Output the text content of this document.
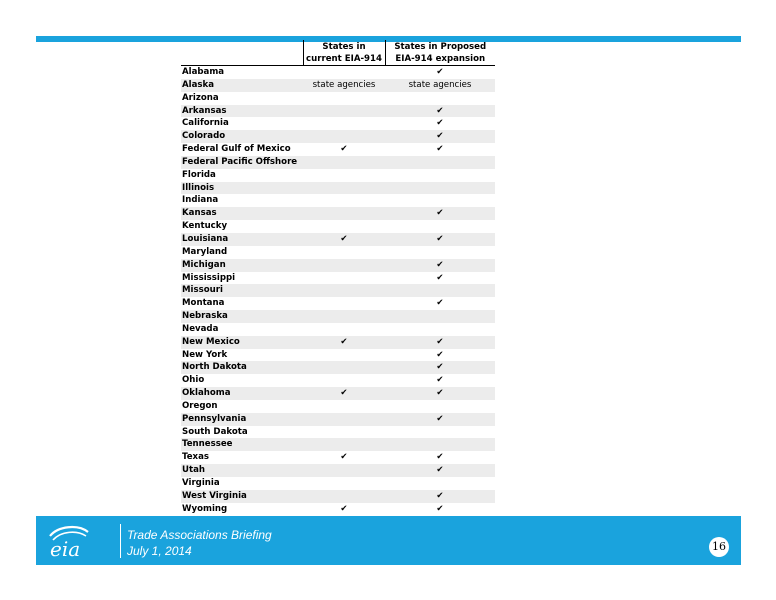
	States in current EIA-914	States in Proposed EIA-914 expansion
Alabama		✔
Alaska	state agencies	state agencies
Arizona		
Arkansas		✔
California		✔
Colorado		✔
Federal Gulf of Mexico	✔	✔
Federal Pacific Offshore		
Florida		
Illinois		
Indiana		
Kansas		✔
Kentucky		
Louisiana	✔	✔
Maryland		
Michigan		✔
Mississippi		✔
Missouri		
Montana		✔
Nebraska		
Nevada		
New Mexico	✔	✔
New York		✔
North Dakota		✔
Ohio		✔
Oklahoma	✔	✔
Oregon		
Pennsylvania		✔
South Dakota		
Tennessee		
Texas	✔	✔
Utah		✔
Virginia		
West Virginia		✔
Wyoming	✔	✔
eia
Trade Associations Briefing
July 1, 2014	16
